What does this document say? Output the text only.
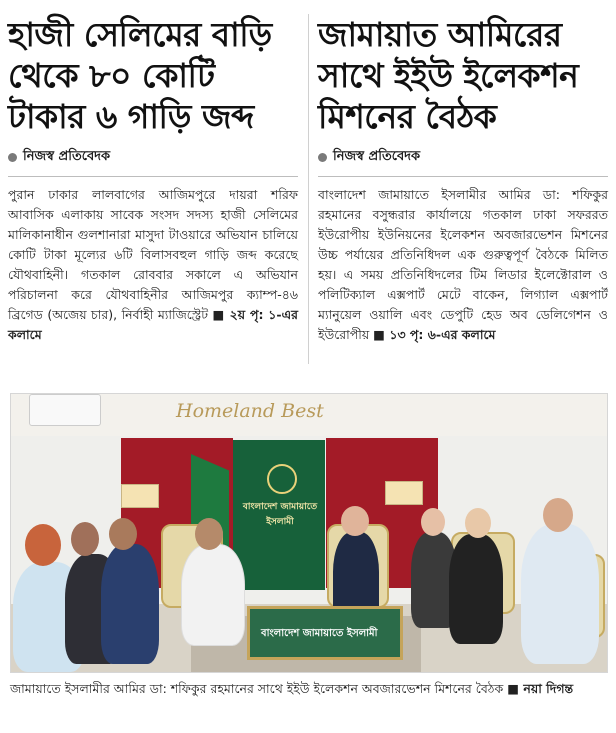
হাজী সেলিমের বাড়ি
থেকে ৮০ কোটি
টাকার ৬ গাড়ি জব্দ
নিজস্ব প্রতিবেদক
পুরান ঢাকার লালবাগের আজিমপুরে দায়রা শরিফ আবাসিক এলাকায় সাবেক সংসদ সদস্য হাজী সেলিমের মালিকানাধীন গুলশানারা মাসুদা টাওয়ারে অভিযান চালিয়ে কোটি টাকা মূল্যের ৬টি বিলাসবহুল গাড়ি জব্দ করেছে যৌথবাহিনী। গতকাল রোববার সকালে এ অভিযান পরিচালনা করে যৌথবাহিনীর আজিমপুর ক্যাম্প-৪৬ ব্রিগেড (অজেয় চার), নির্বাহী ম্যাজিস্ট্রেট ■ ২য় পৃ: ১-এর কলামে
জামায়াত আমিরের
সাথে ইইউ ইলেকশন
মিশনের বৈঠক
নিজস্ব প্রতিবেদক
বাংলাদেশ জামায়াতে ইসলামীর আমির ডা: শফিকুর রহমানের বসুন্ধরার কার্যালয়ে গতকাল ঢাকা সফররত ইউরোপীয় ইউনিয়নের ইলেকশন অবজারভেশন মিশনের উচ্চ পর্যায়ের প্রতিনিধিদল এক গুরুত্বপূর্ণ বৈঠকে মিলিত হয়। এ সময় প্রতিনিধিদলের টিম লিডার ইলেক্টোরাল ও পলিটিক্যাল এক্সপার্ট মেটে বাকেন, লিগ্যাল এক্সপার্ট ম্যানুয়েল ওয়ালি এবং ডেপুটি হেড অব ডেলিগেশন ও ইউরোপীয় ■ ১৩ পৃ: ৬-এর কলামে
Homeland Best
বাংলাদেশ জামায়াতে ইসলামী
বাংলাদেশ জামায়াতে ইসলামী
জামায়াতে ইসলামীর আমির ডা: শফিকুর রহমানের সাথে ইইউ ইলেকশন অবজারভেশন মিশনের বৈঠক ■ নয়া দিগন্ত
